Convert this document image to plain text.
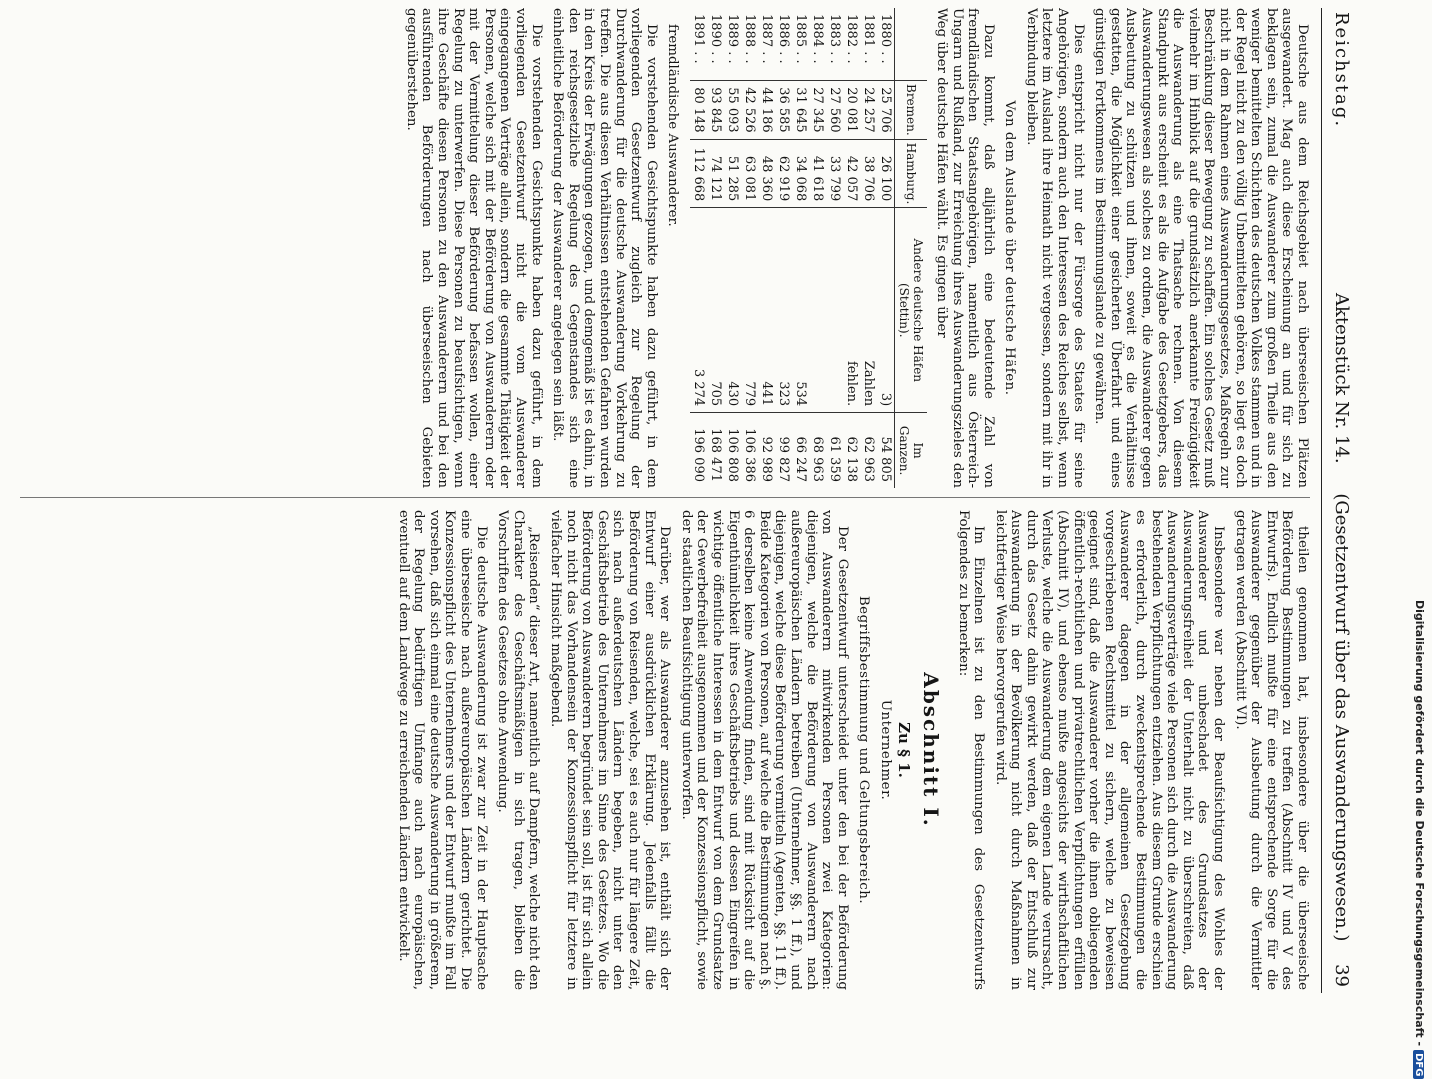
Reichstag.
Aktenstück Nr. 14. (Gesetzentwurf über das Auswanderungswesen.)
39

Deutsche aus dem Reichsgebiet nach überseeischen Plätzen ausgewandert. Mag auch diese Erscheinung an und für sich zu beklagen sein, zumal die Auswanderer zum großen Theile aus den weniger bemittelten Schichten des deutschen Volkes stammen und in der Regel nicht zu den völlig Unbemittelten gehören, so liegt es doch nicht in dem Rahmen eines Auswanderungsgesetzes, Maßregeln zur Beschränkung dieser Bewegung zu schaffen. Ein solches Gesetz muß vielmehr im Hinblick auf die grundsätzlich anerkannte Freizügigkeit die Auswanderung als eine Thatsache rechnen. Von diesem Standpunkt aus erscheint es als die Aufgabe des Gesetzgebers, das Auswanderungswesen als solches zu ordnen, die Auswanderer gegen Ausbeutung zu schützen und ihnen, soweit es die Verhältnisse gestatten, die Möglichkeit einer gesicherten Überfahrt und eines günstigen Fortkommens im Bestimmungslande zu gewähren.

Dies entspricht nicht nur der Fürsorge des Staates für seine Angehörigen, sondern auch den Interessen des Reiches selbst, wenn letztere im Ausland ihre Heimath nicht vergessen, sondern mit ihr in Verbindung bleiben.

Von dem Auslande über deutsche Häfen.

Dazu kommt, daß alljährlich eine bedeutende Zahl von fremdländischen Staatsangehörigen, namentlich aus Österreich-Ungarn und Rußland, zur Erreichung ihres Auswanderungszieles den Weg über deutsche Häfen wählt. Es gingen über

	Bremen.	Hamburg.	Andere deutsche Häfen (Stettin).	Im Ganzen.
1880 . .	25 706	26 100	3)	54 805
1881 . .	24 257	38 706	Zahlen	62 963
1882 . .	20 081	42 057	fehlen.	62 138
1883 . .	27 560	33 799		61 359
1884 . .	27 345	41 618		68 963
1885 . .	31 645	34 068	534	66 247
1886 . .	36 585	62 919	323	99 827
1887 . .	44 186	48 360	441	92 989
1888 . .	42 526	63 081	779	106 386
1889 . .	55 093	51 285	430	106 808
1890 . .	93 845	74 121	705	168 471
1891 . .	80 148	112 668	3 274	196 090

fremdländische Auswanderer.

Die vorstehenden Gesichtspunkte haben dazu geführt, in dem vorliegenden Gesetzentwurf zugleich zur Regelung der Durchwanderung für die deutsche Auswanderung Vorkehrung zu treffen. Die aus diesen Verhältnissen entstehenden Gefahren wurden in den Kreis der Erwägungen gezogen, und demgemäß ist es dahin, in den reichsgesetzliche Regelung des Gegenstandes sich eine einheitliche Beförderung der Auswanderer angelegen sein läßt.

Die vorstehenden Gesichtspunkte haben dazu geführt, in dem vorliegenden Gesetzentwurf nicht die vom Auswanderer eingegangenen Verträge allein, sondern die gesammte Thätigkeit der Personen, welche sich mit der Beförderung von Auswanderern oder mit der Vermittelung dieser Beförderung befassen wollen, einer Regelung zu unterwerfen. Diese Personen zu beaufsichtigen, wenn ihre Geschäfte diesen Personen zu den Auswanderern und bei den ausführenden Beförderungen nach überseeischen Gebieten gegenüberstehen.

theilen genommen hat, insbesondere über die überseeische Beförderung Bestimmungen zu treffen (Abschnitt IV und V des Entwurfs). Endlich mußte für eine entsprechende Sorge für die Auswanderer gegenüber der Ausbeutung durch die Vermittler getragen werden (Abschnitt VI).

Insbesondere war neben der Beaufsichtigung des Wohles der Auswanderer und unbeschadet des Grundsatzes der Auswanderungsfreiheit der Unterhalt nicht zu überschreiten, daß Auswanderungsverträge viele Personen sich durch die Auswanderung bestehenden Verpflichtungen entziehen. Aus diesem Grunde erschien es erforderlich, durch zweckentsprechende Bestimmungen die Auswanderer dagegen in der allgemeinen Gesetzgebung vorgeschriebenen Rechtsmittel zu sichern, welche zu beweisen geeignet sind, daß die Auswanderer vorher die ihnen obliegenden öffentlich-rechtlichen und privatrechtlichen Verpflichtungen erfüllen (Abschnitt IV), und ebenso mußte angesichts der wirthschaftlichen Verluste, welche die Auswanderung dem eigenen Lande verursacht, durch das Gesetz dahin gewirkt werden, daß der Entschluß zur Auswanderung in der Bevölkerung nicht durch Maßnahmen in leichtfertiger Weise hervorgerufen wird.

Im Einzelnen ist zu den Bestimmungen des Gesetzentwurfs Folgendes zu bemerken:

Abschnitt I.
Zu § 1.

Unternehmer.

Begriffsbestimmung und Geltungsbereich.

Der Gesetzentwurf unterscheidet unter den bei der Beförderung von Auswanderern mitwirkenden Personen zwei Kategorien: diejenigen, welche die Beförderung von Auswanderern nach außereuropäischen Ländern betreiben (Unternehmer, §§. 1 ff.), und diejenigen, welche diese Beförderung vermitteln (Agenten, §§. 11 ff.). Beide Kategorien von Personen, auf welche die Bestimmungen nach §. 6 derselben keine Anwendung finden, sind mit Rücksicht auf die Eigenthümlichkeit ihres Geschäftsbetriebs und dessen Eingreifen in wichtige öffentliche Interessen in dem Entwurf von dem Grundsatze der Gewerbefreiheit ausgenommen und der Konzessionspflicht, sowie der staatlichen Beaufsichtigung unterworfen.

Darüber, wer als Auswanderer anzusehen ist, enthält sich der Entwurf einer ausdrücklichen Erklärung. Jedenfalls fällt die Beförderung von Reisenden, welche, sei es auch nur für längere Zeit, sich nach außerdeutschen Ländern begeben, nicht unter den Geschäftsbetrieb des Unternehmers im Sinne des Gesetzes. Wo die Beförderung von Auswanderern begründet sein soll, ist für sich allein noch nicht das Vorhandensein der Konzessionspflicht für letztere in vielfacher Hinsicht maßgebend.

„Reisenden“ dieser Art, namentlich auf Dampfern, welche nicht den Charakter des Geschäftsmäßigen in sich tragen, bleiben die Vorschriften des Gesetzes ohne Anwendung.

Die deutsche Auswanderung ist zwar zur Zeit in der Hauptsache eine überseeische nach außereuropäischen Ländern gerichtet. Die Konzessionspflicht des Unternehmers und der Entwurf mußte im Fall vorsehen, daß sich einmal eine deutsche Auswanderung in größerem, der Regelung bedürftigen Umfange auch nach europäischen, eventuell auf dem Landwege zu erreichenden Ländern entwickelt.	Digitalisierung gefördert durch die Deutsche Forschungsgemeinschaft -DFG
